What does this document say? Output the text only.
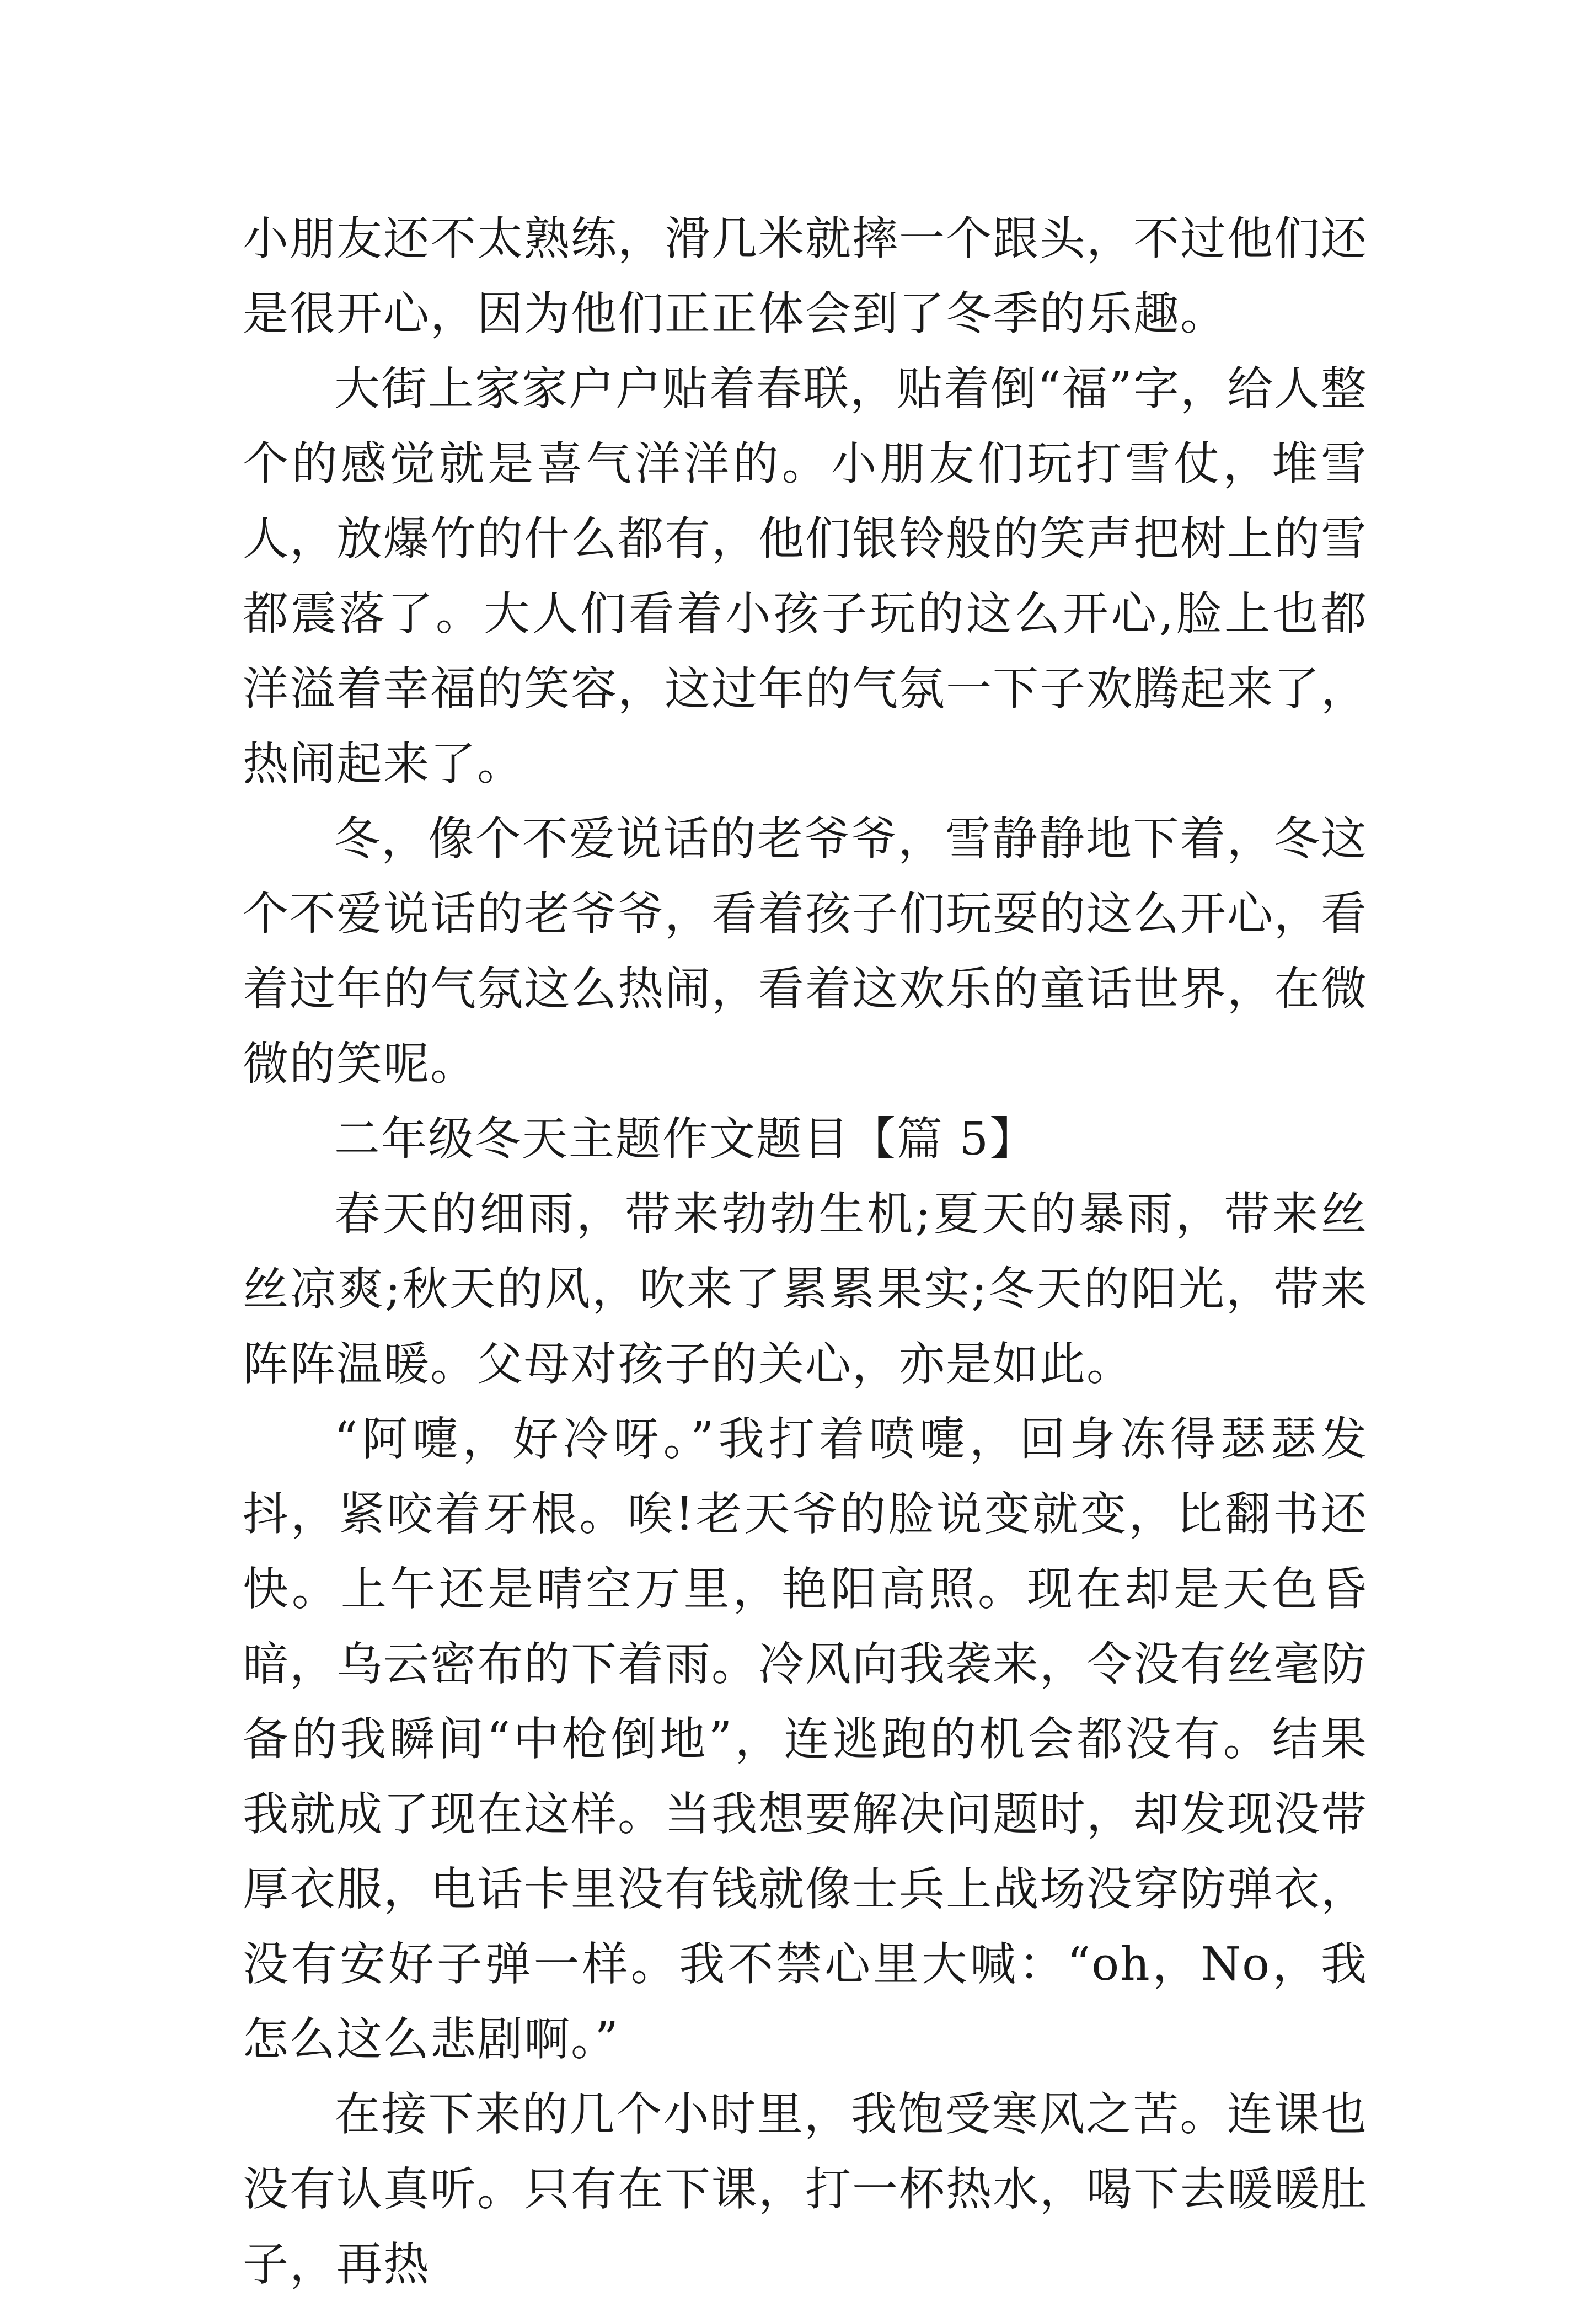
小朋友还不太熟练，滑几米就摔一个跟头，不过他们还是很开心，因为他们正正体会到了冬季的乐趣。

大街上家家户户贴着春联，贴着倒“福”字，给人整个的感觉就是喜气洋洋的。小朋友们玩打雪仗，堆雪人，放爆竹的什么都有，他们银铃般的笑声把树上的雪都震落了。大人们看着小孩子玩的这么开心,脸上也都洋溢着幸福的笑容，这过年的气氛一下子欢腾起来了，热闹起来了。

冬，像个不爱说话的老爷爷，雪静静地下着，冬这个不爱说话的老爷爷，看着孩子们玩耍的这么开心，看着过年的气氛这么热闹，看着这欢乐的童话世界，在微微的笑呢。

二年级冬天主题作文题目【篇 5】

春天的细雨，带来勃勃生机;夏天的暴雨，带来丝丝凉爽;秋天的风，吹来了累累果实;冬天的阳光，带来阵阵温暖。父母对孩子的关心，亦是如此。

“阿嚏，好冷呀。”我打着喷嚏，回身冻得瑟瑟发抖，紧咬着牙根。唉!老天爷的脸说变就变，比翻书还快。上午还是晴空万里，艳阳高照。现在却是天色昏暗，乌云密布的下着雨。冷风向我袭来，令没有丝毫防备的我瞬间“中枪倒地”，连逃跑的机会都没有。结果我就成了现在这样。当我想要解决问题时，却发现没带厚衣服，电话卡里没有钱就像士兵上战场没穿防弹衣，没有安好子弹一样。我不禁心里大喊：“oh，No，我怎么这么悲剧啊。”

在接下来的几个小时里，我饱受寒风之苦。连课也没有认真听。只有在下课，打一杯热水，喝下去暖暖肚子，再热
